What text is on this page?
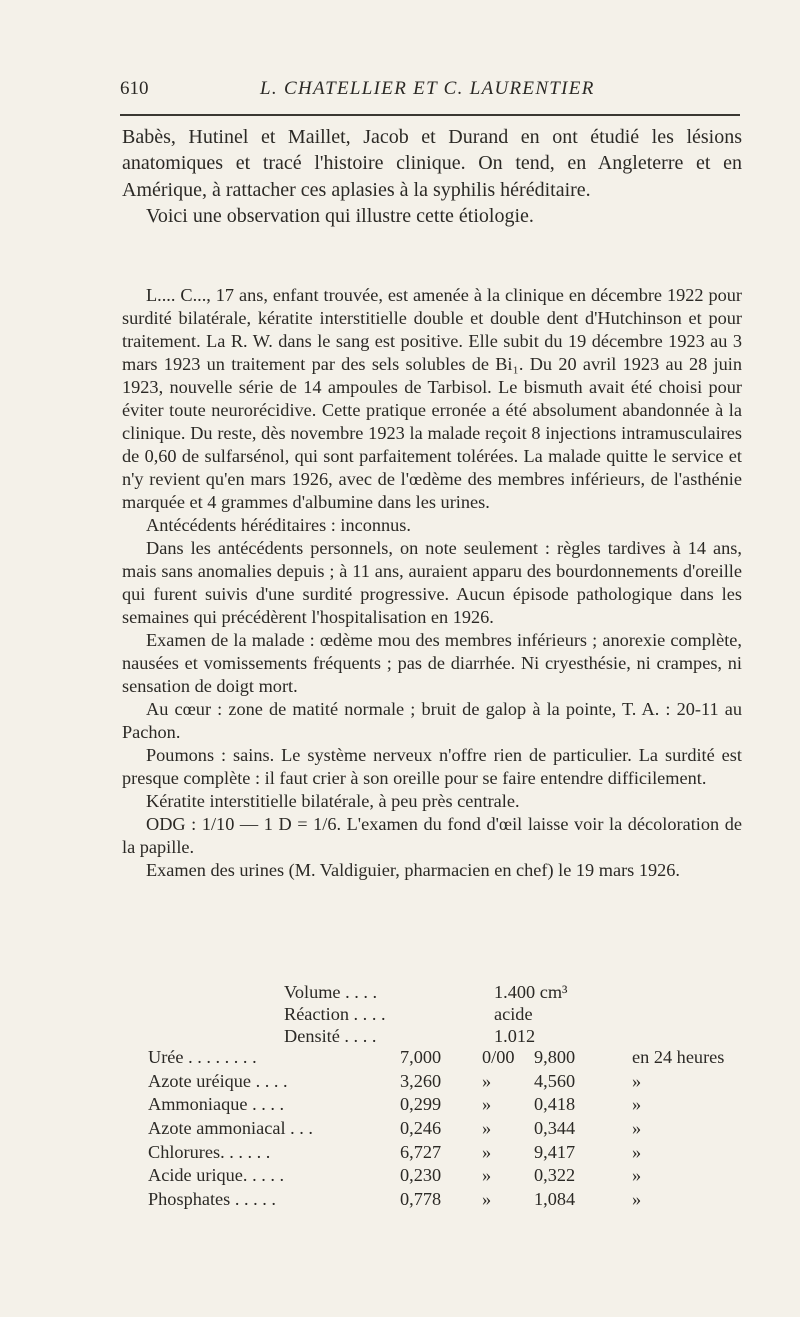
610	L. CHATELLIER ET C. LAURENTIER

Babès, Hutinel et Maillet, Jacob et Durand en ont étudié les lésions anatomiques et tracé l'histoire clinique. On tend, en Angleterre et en Amérique, à rattacher ces aplasies à la syphilis héréditaire.

Voici une observation qui illustre cette étiologie.

L.... C..., 17 ans, enfant trouvée, est amenée à la clinique en décembre 1922 pour surdité bilatérale, kératite interstitielle double et double dent d'Hutchinson et pour traitement. La R. W. dans le sang est positive. Elle subit du 19 décembre 1923 au 3 mars 1923 un traitement par des sels solubles de Bi₁. Du 20 avril 1923 au 28 juin 1923, nouvelle série de 14 ampoules de Tarbisol. Le bismuth avait été choisi pour éviter toute neurorécidive. Cette pratique erronée a été absolument abandonnée à la clinique. Du reste, dès novembre 1923 la malade reçoit 8 injections intramusculaires de 0,60 de sulfarsénol, qui sont parfaitement tolérées. La malade quitte le service et n'y revient qu'en mars 1926, avec de l'œdème des membres inférieurs, de l'asthénie marquée et 4 grammes d'albumine dans les urines.

Antécédents héréditaires : inconnus.

Dans les antécédents personnels, on note seulement : règles tardives à 14 ans, mais sans anomalies depuis ; à 11 ans, auraient apparu des bourdonnements d'oreille qui furent suivis d'une surdité progressive. Aucun épisode pathologique dans les semaines qui précédèrent l'hospitalisation en 1926.

Examen de la malade : œdème mou des membres inférieurs ; anorexie complète, nausées et vomissements fréquents ; pas de diarrhée. Ni cryesthésie, ni crampes, ni sensation de doigt mort.

Au cœur : zone de matité normale ; bruit de galop à la pointe, T. A. : 20-11 au Pachon.

Poumons : sains. Le système nerveux n'offre rien de particulier. La surdité est presque complète : il faut crier à son oreille pour se faire entendre difficilement.

Kératite interstitielle bilatérale, à peu près centrale.

ODG : 1/10 — 1 D = 1/6. L'examen du fond d'œil laisse voir la décoloration de la papille.

Examen des urines (M. Valdiguier, pharmacien en chef) le 19 mars 1926.

Volume . . . .	1.400 cm³
Réaction . . . .	acide
Densité . . . .	1.012
Urée . . . . . . . .	7,000	0/00	9,800	en 24 heures
Azote uréique . . . .	3,260	»	4,560	»
Ammoniaque . . . .	0,299	»	0,418	»
Azote ammoniacal . . .	0,246	»	0,344	»
Chlorures. . . . . .	6,727	»	9,417	»
Acide urique. . . . .	0,230	»	0,322	»
Phosphates . . . . .	0,778	»	1,084	»
